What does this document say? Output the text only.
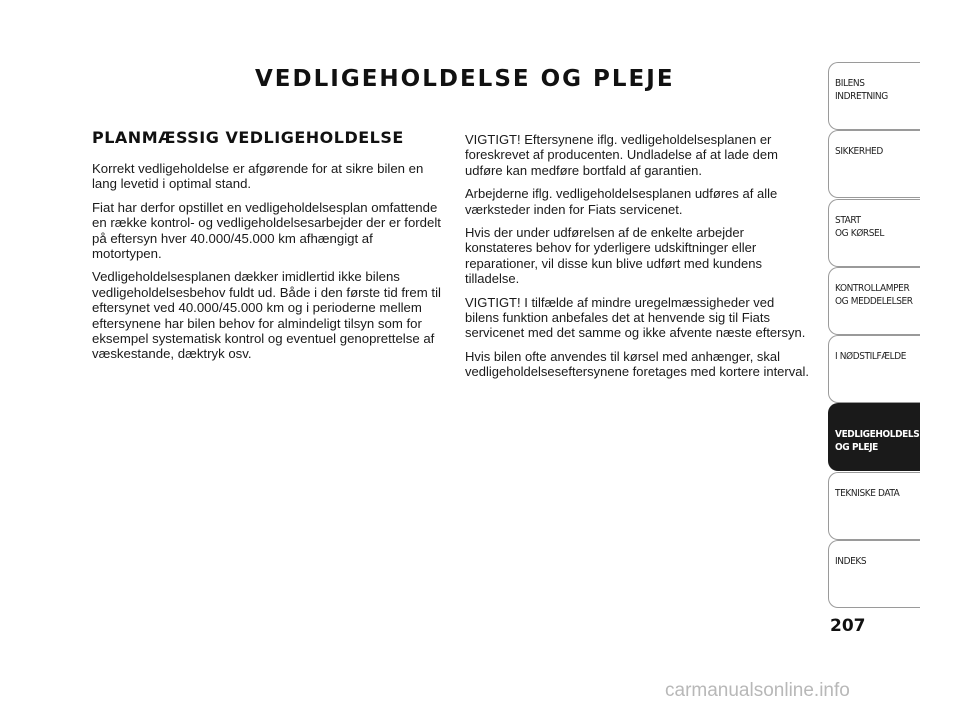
VEDLIGEHOLDELSE OG PLEJE
PLANMÆSSIG VEDLIGEHOLDELSE

Korrekt vedligeholdelse er afgørende for at sikre bilen en lang levetid i optimal stand.

Fiat har derfor opstillet en vedligeholdelsesplan omfattende en række kontrol- og vedligeholdelsesarbejder der er fordelt på eftersyn hver 40.000/45.000 km afhængigt af motortypen.

Vedligeholdelsesplanen dækker imidlertid ikke bilens vedligeholdelsesbehov fuldt ud. Både i den første tid frem til eftersynet ved 40.000/45.000 km og i perioderne mellem eftersynene har bilen behov for almindeligt tilsyn som for eksempel systematisk kontrol og eventuel genoprettelse af væskestande, dæktryk osv.

VIGTIGT! Eftersynene iflg. vedligeholdelsesplanen er foreskrevet af producenten. Undladelse af at lade dem udføre kan medføre bortfald af garantien.

Arbejderne iflg. vedligeholdelsesplanen udføres af alle værksteder inden for Fiats servicenet.

Hvis der under udførelsen af de enkelte arbejder konstateres behov for yderligere udskiftninger eller reparationer, vil disse kun blive udført med kundens tilladelse.

VIGTIGT! I tilfælde af mindre uregelmæssigheder ved bilens funktion anbefales det at henvende sig til Fiats servicenet med det samme og ikke afvente næste eftersyn.

Hvis bilen ofte anvendes til kørsel med anhænger, skal vedligeholdelseseftersynene foretages med kortere interval.

BILENS
INDRETNING
SIKKERHED
START
OG KØRSEL
KONTROLLAMPER
OG MEDDELELSER
I NØDSTILFÆLDE
VEDLIGEHOLDELSE
OG PLEJE
TEKNISKE DATA
INDEKS
207
carmanualsonline.info
